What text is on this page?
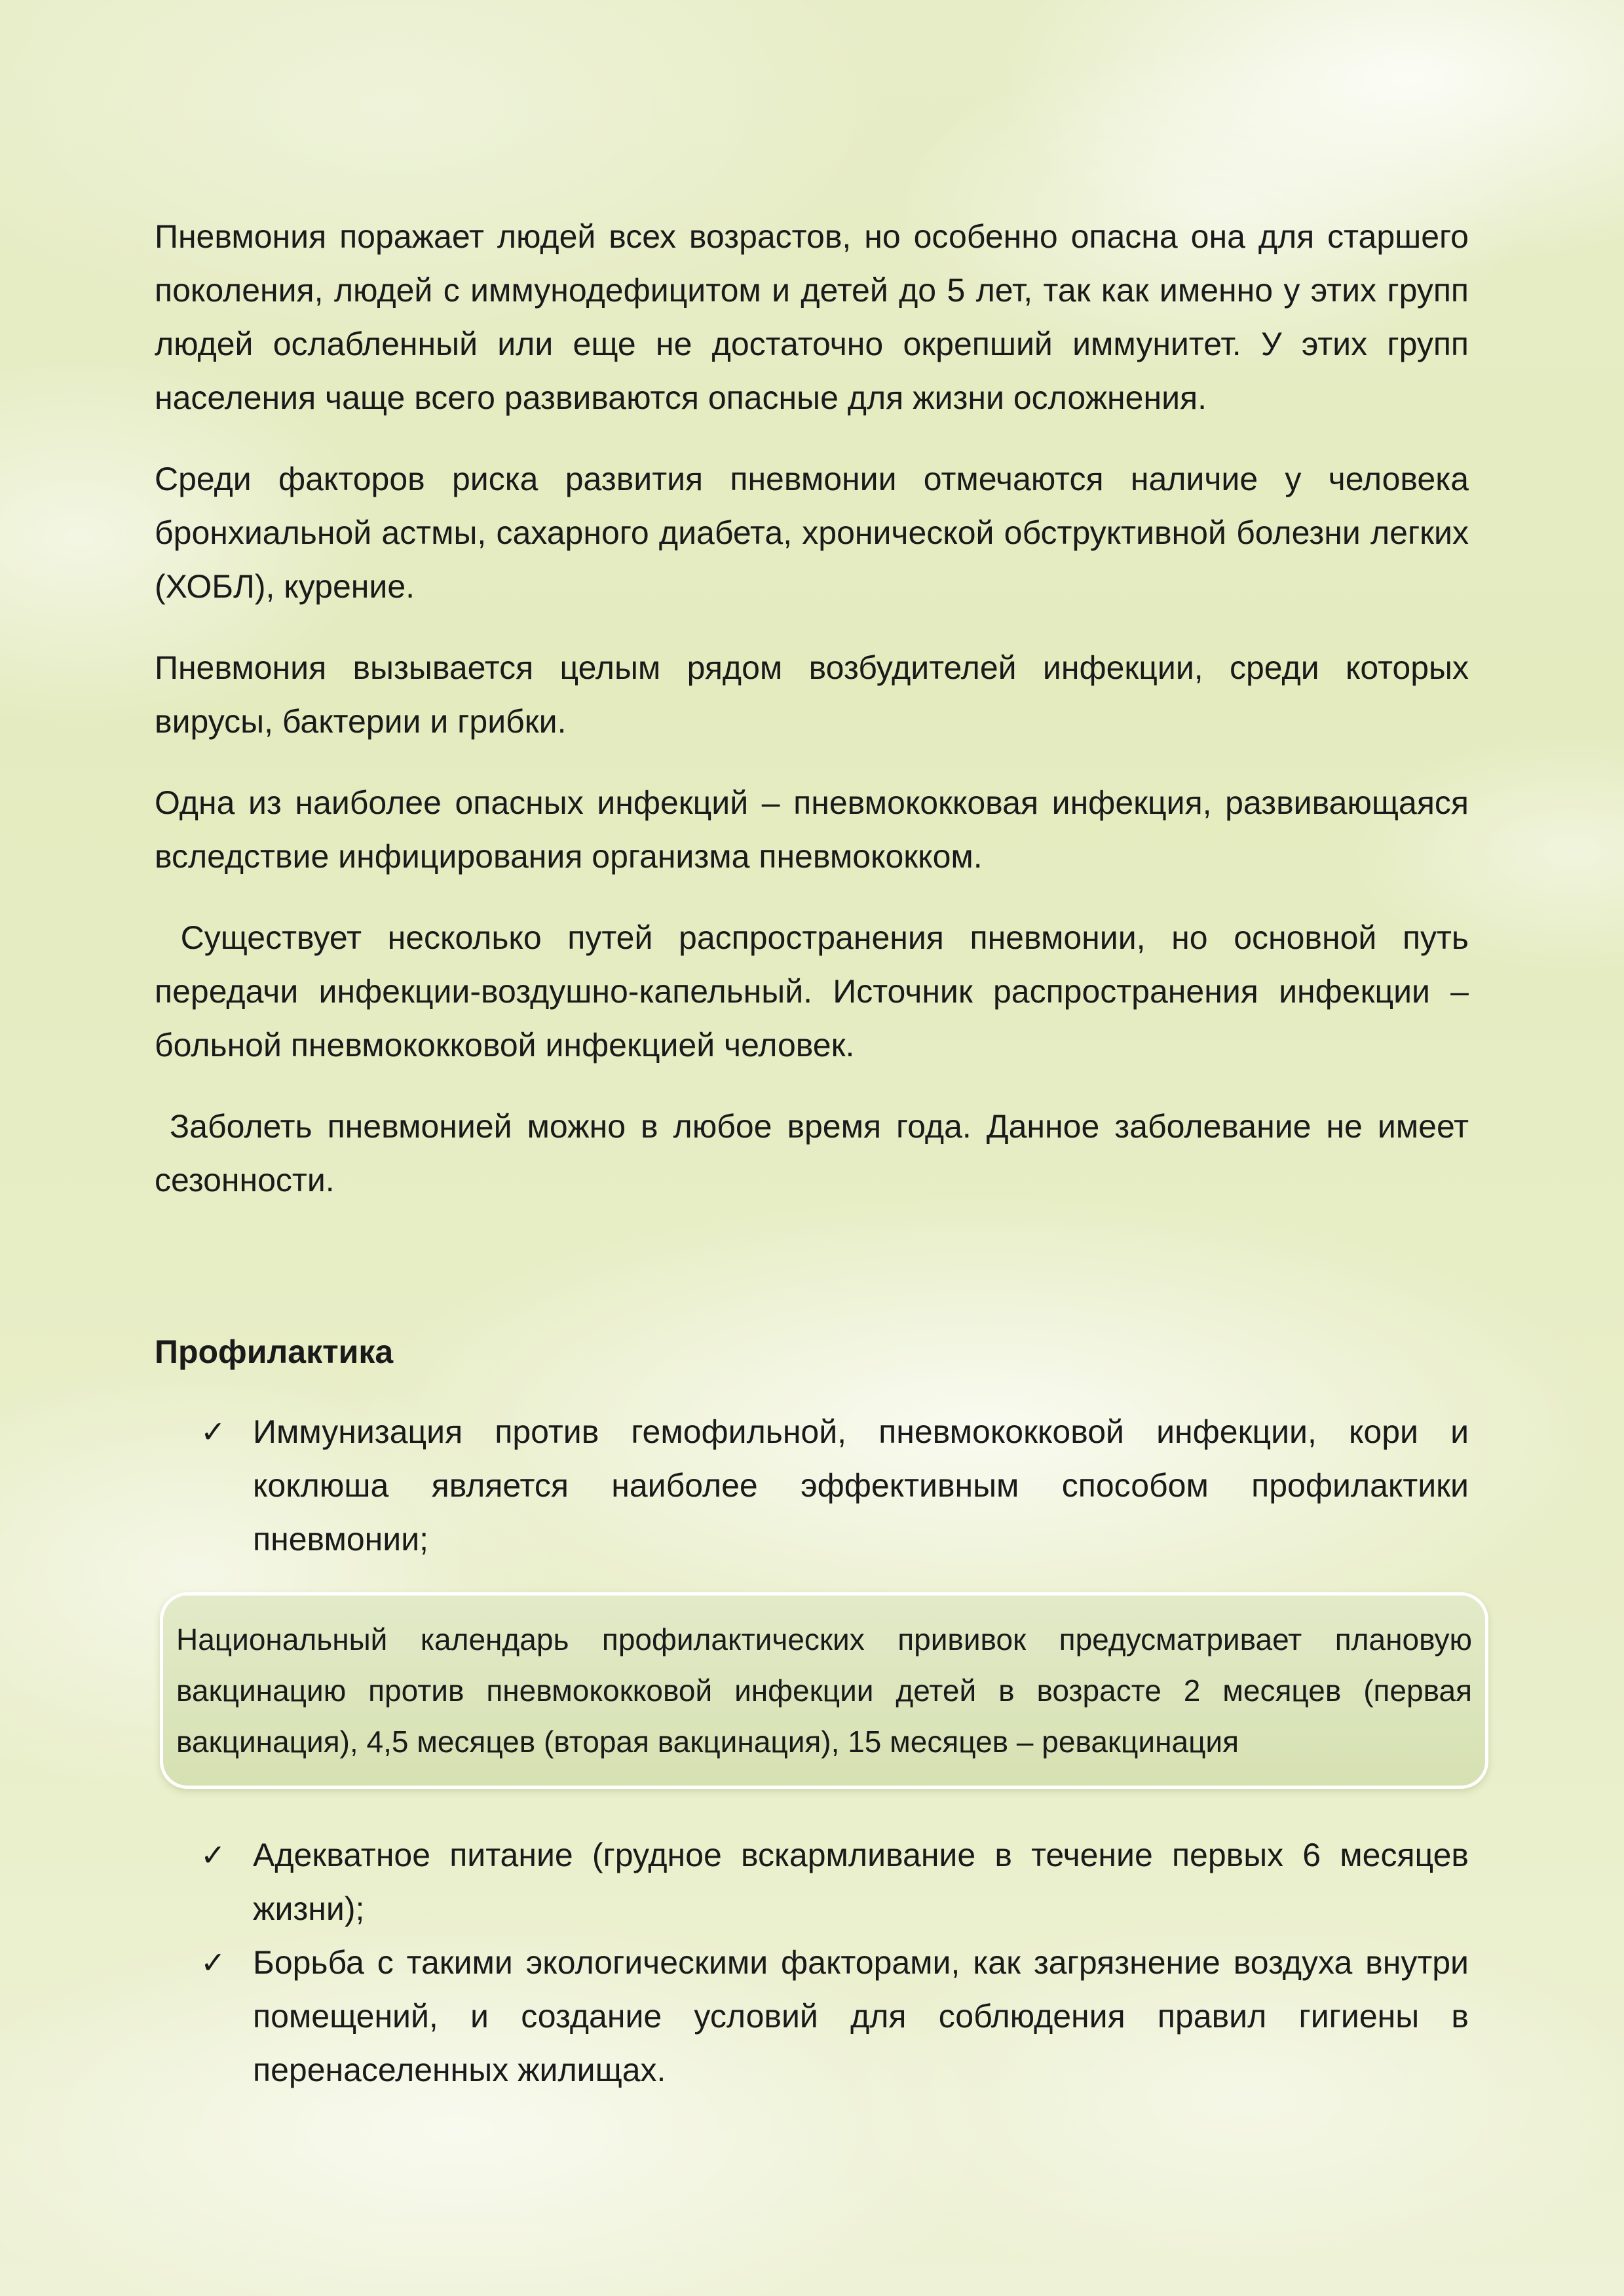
Пневмония поражает людей всех возрастов, но особенно опасна она для старшего поколения, людей с иммунодефицитом и детей до 5 лет, так как именно у этих групп людей ослабленный или еще не достаточно окрепший иммунитет. У этих групп населения чаще всего развиваются опасные для жизни осложнения.

Среди факторов риска развития пневмонии отмечаются наличие у человека бронхиальной астмы, сахарного диабета, хронической обструктивной болезни легких (ХОБЛ), курение.

Пневмония вызывается целым рядом возбудителей инфекции, среди которых вирусы, бактерии и грибки.

Одна из наиболее опасных инфекций – пневмококковая инфекция, развивающаяся вследствие инфицирования организма пневмококком.

Существует несколько путей распространения пневмонии, но основной путь передачи инфекции-воздушно-капельный. Источник распространения инфекции – больной пневмококковой инфекцией человек.

Заболеть пневмонией можно в любое время года. Данное заболевание не имеет сезонности.

Профилактика
✓ Иммунизация против гемофильной, пневмококковой инфекции, кори и коклюша является наиболее эффективным способом профилактики пневмонии;
Национальный календарь профилактических прививок предусматривает плановую вакцинацию против пневмококковой инфекции детей в возрасте 2 месяцев (первая вакцинация), 4,5 месяцев (вторая вакцинация), 15 месяцев – ревакцинация
✓ Адекватное питание (грудное вскармливание в течение первых 6 месяцев жизни);
✓ Борьба с такими экологическими факторами, как загрязнение воздуха внутри помещений, и создание условий для соблюдения правил гигиены в перенаселенных жилищах.
